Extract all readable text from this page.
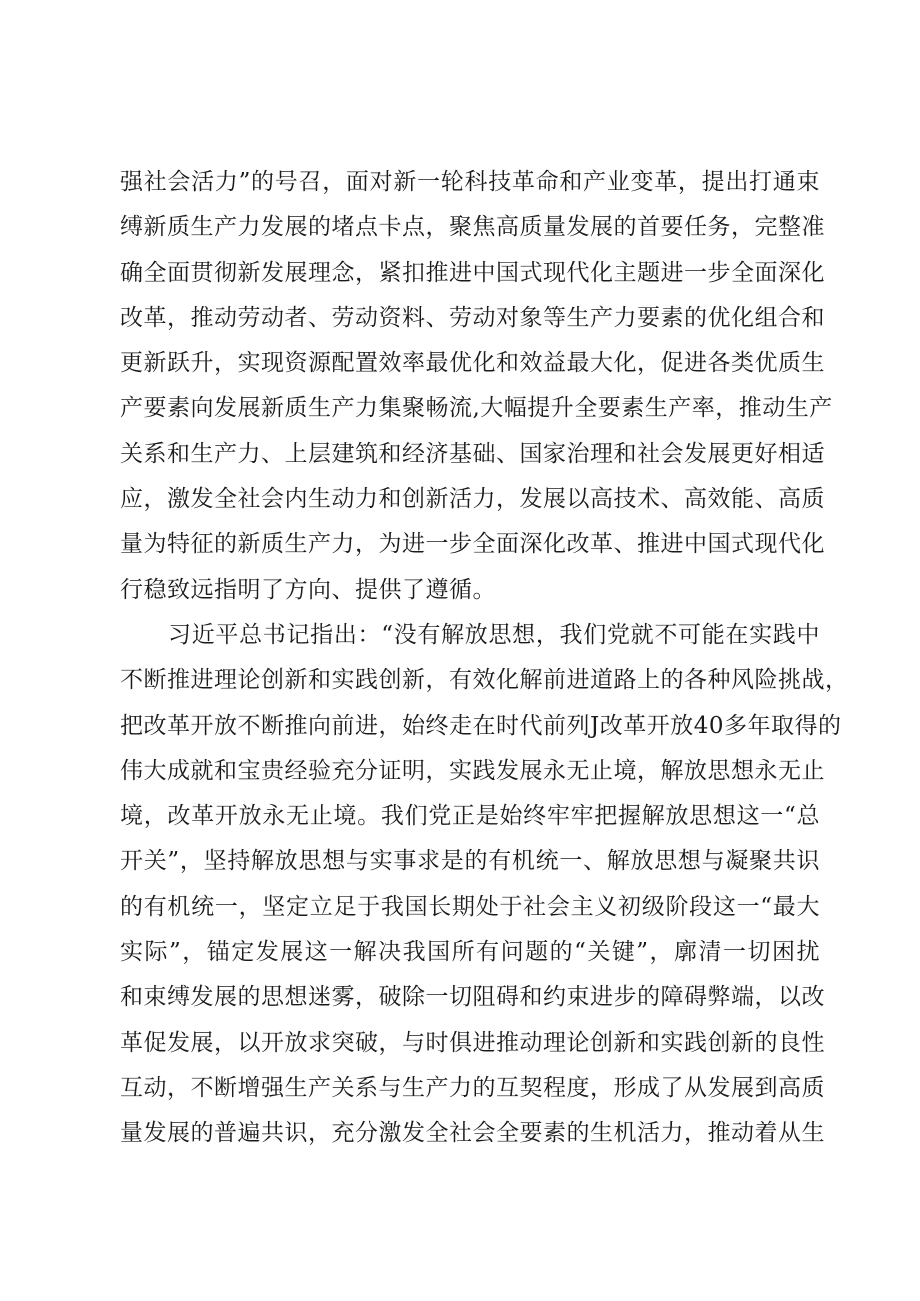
强社会活力”的号召，面对新一轮科技革命和产业变革，提出打通束
缚新质生产力发展的堵点卡点，聚焦高质量发展的首要任务，完整准
确全面贯彻新发展理念，紧扣推进中国式现代化主题进一步全面深化
改革，推动劳动者、劳动资料、劳动对象等生产力要素的优化组合和
更新跃升，实现资源配置效率最优化和效益最大化，促进各类优质生
产要素向发展新质生产力集聚畅流,大幅提升全要素生产率，推动生产
关系和生产力、上层建筑和经济基础、国家治理和社会发展更好相适
应，激发全社会内生动力和创新活力，发展以高技术、高效能、高质
量为特征的新质生产力，为进一步全面深化改革、推进中国式现代化
行稳致远指明了方向、提供了遵循。
习近平总书记指出：“没有解放思想，我们党就不可能在实践中
不断推进理论创新和实践创新，有效化解前进道路上的各种风险挑战，
把改革开放不断推向前进，始终走在时代前列J改革开放40多年取得的
伟大成就和宝贵经验充分证明，实践发展永无止境，解放思想永无止
境，改革开放永无止境。我们党正是始终牢牢把握解放思想这一“总
开关”，坚持解放思想与实事求是的有机统一、解放思想与凝聚共识
的有机统一，坚定立足于我国长期处于社会主义初级阶段这一“最大
实际”，锚定发展这一解决我国所有问题的“关键”，廓清一切困扰
和束缚发展的思想迷雾，破除一切阻碍和约束进步的障碍弊端，以改
革促发展，以开放求突破，与时俱进推动理论创新和实践创新的良性
互动，不断增强生产关系与生产力的互契程度，形成了从发展到高质
量发展的普遍共识，充分激发全社会全要素的生机活力，推动着从生
